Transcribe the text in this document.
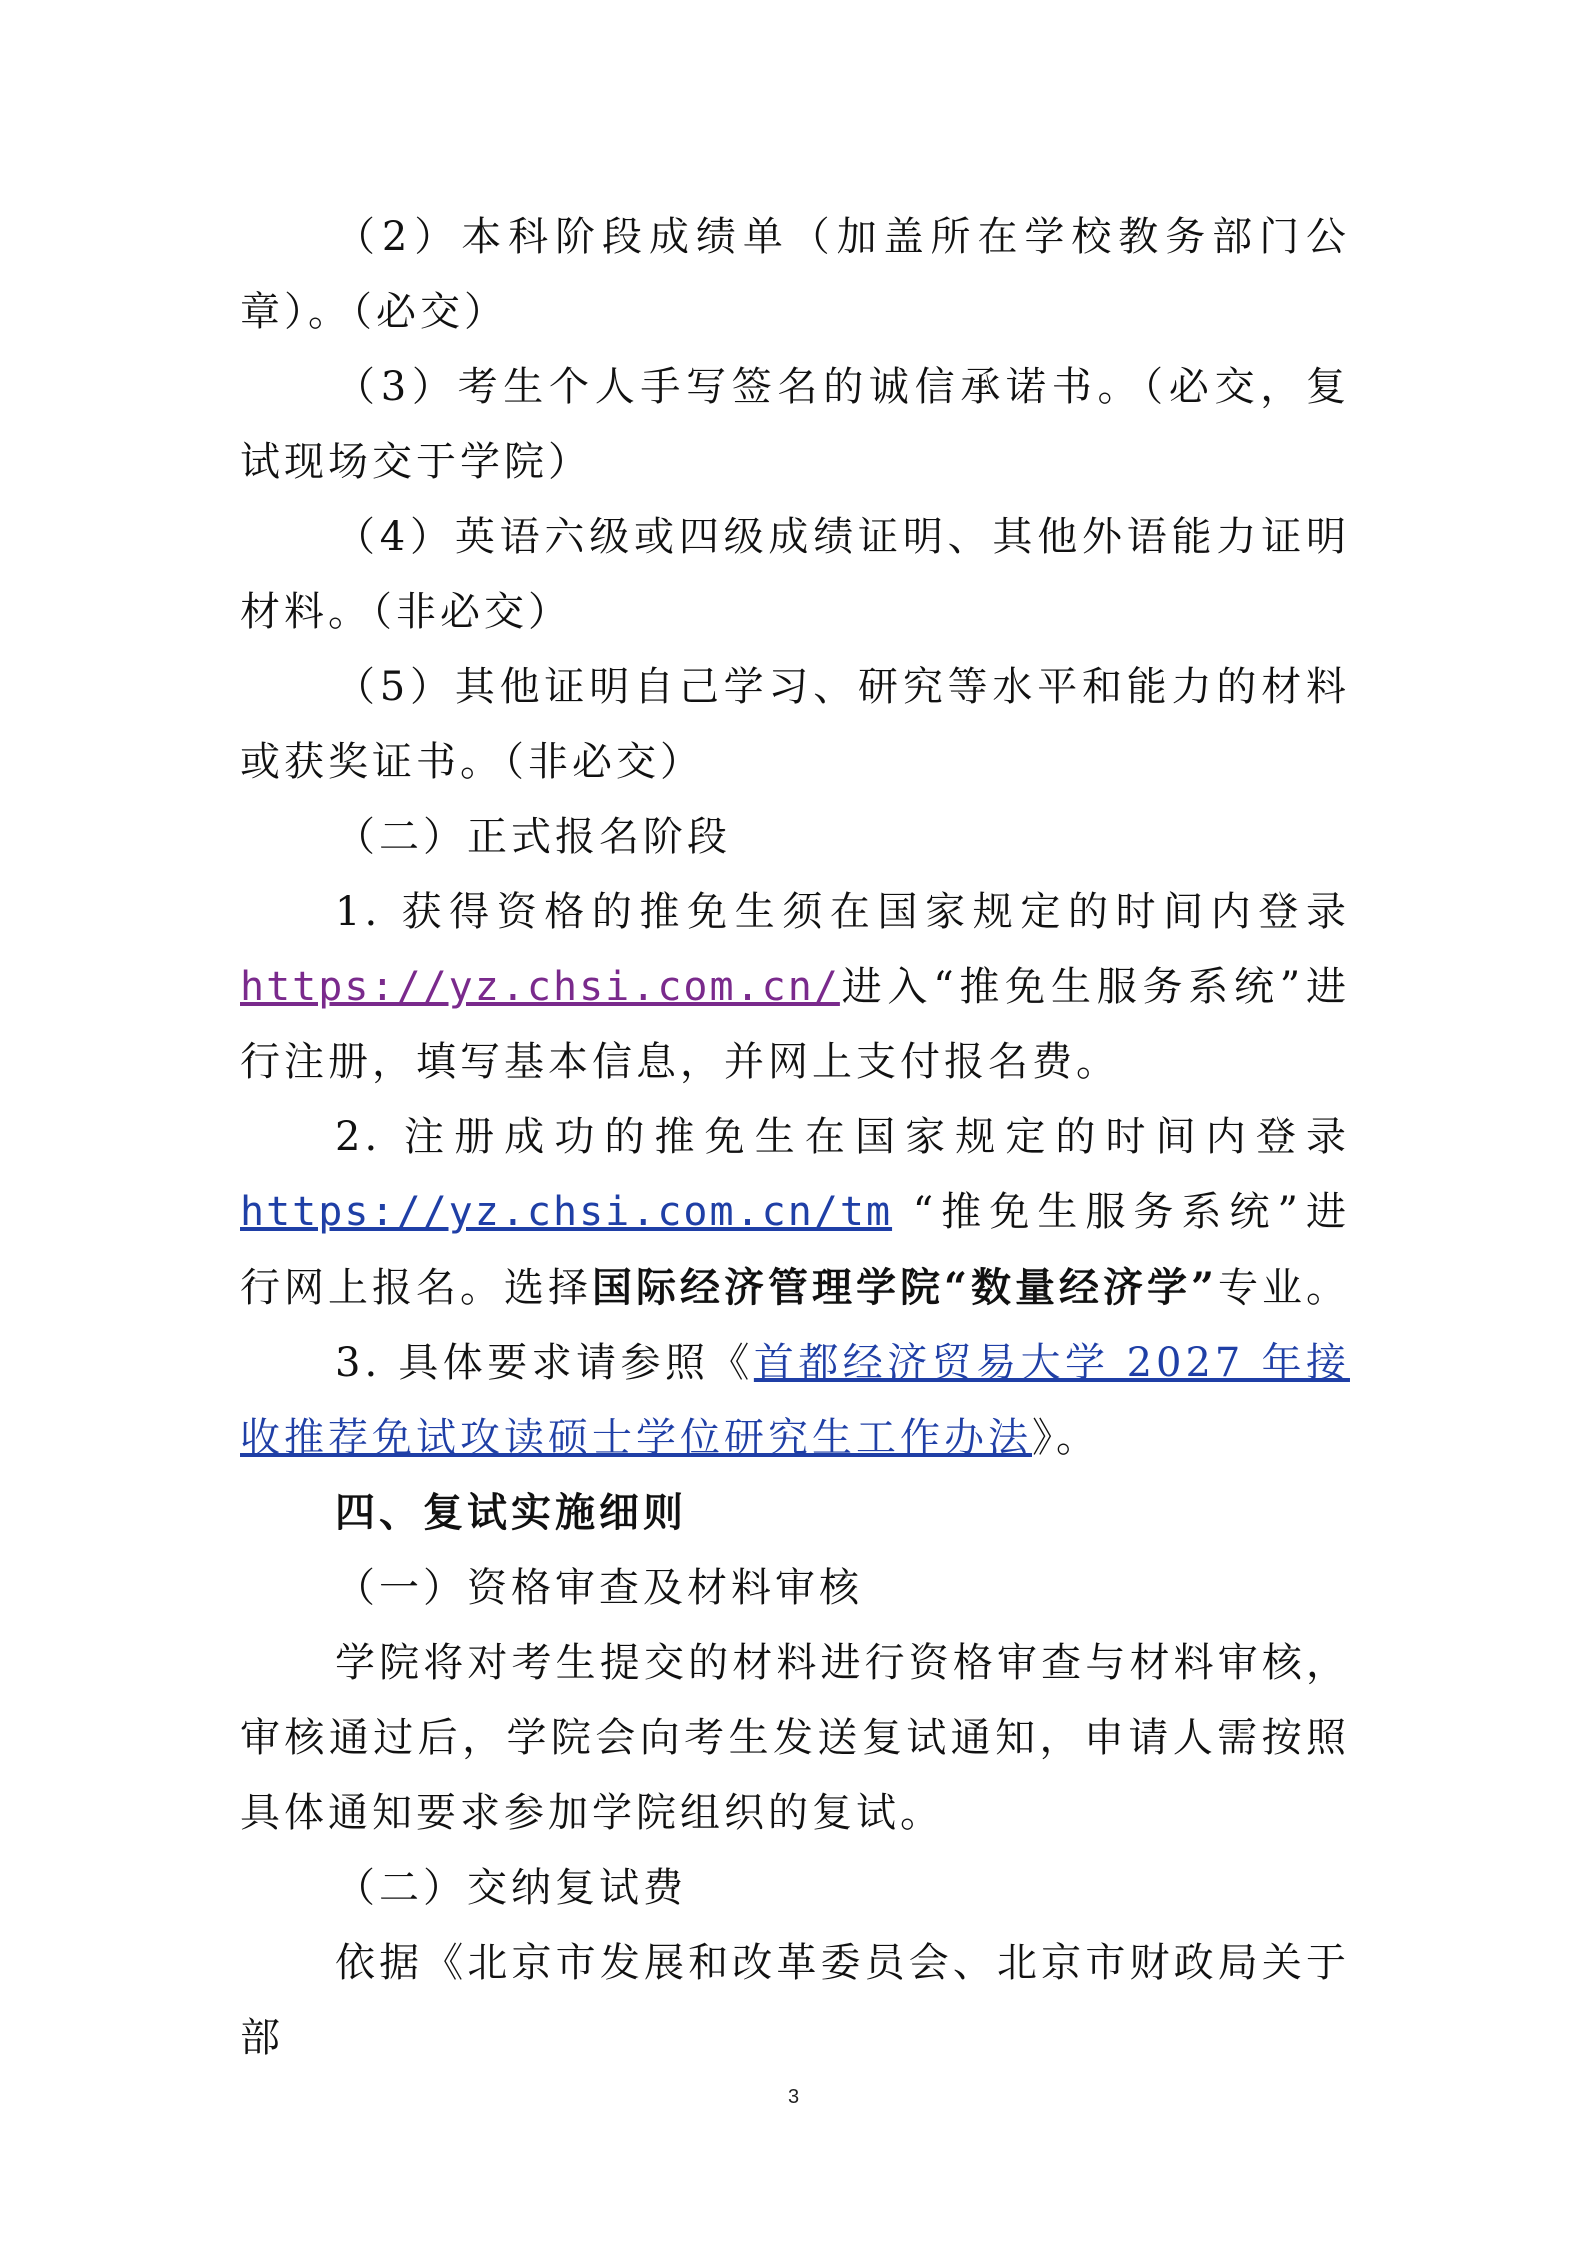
（2）本科阶段成绩单（加盖所在学校教务部门公章）。（必交）

（3）考生个人手写签名的诚信承诺书。（必交，复试现场交于学院）

（4）英语六级或四级成绩证明、其他外语能力证明材料。（非必交）

（5）其他证明自己学习、研究等水平和能力的材料或获奖证书。（非必交）

（二）正式报名阶段

1. 获得资格的推免生须在国家规定的时间内登录https://yz.chsi.com.cn/进入“推免生服务系统”进行注册，填写基本信息，并网上支付报名费。

2. 注册成功的推免生在国家规定的时间内登录https://yz.chsi.com.cn/tm “推免生服务系统”进行网上报名。选择国际经济管理学院“数量经济学”专业。

3. 具体要求请参照《首都经济贸易大学 2027 年接收推荐免试攻读硕士学位研究生工作办法》。

四、复试实施细则

（一）资格审查及材料审核

学院将对考生提交的材料进行资格审查与材料审核，审核通过后，学院会向考生发送复试通知，申请人需按照具体通知要求参加学院组织的复试。

（二）交纳复试费

依据《北京市发展和改革委员会、北京市财政局关于部

3
